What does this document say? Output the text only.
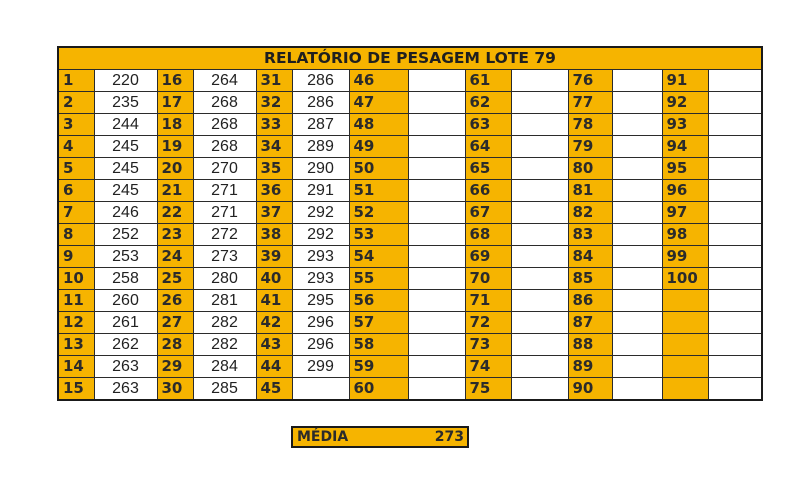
RELATÓRIO DE PESAGEM LOTE 79													
1	220	16	264	31	286	46		61		76		91	
2	235	17	268	32	286	47		62		77		92	
3	244	18	268	33	287	48		63		78		93	
4	245	19	268	34	289	49		64		79		94	
5	245	20	270	35	290	50		65		80		95	
6	245	21	271	36	291	51		66		81		96	
7	246	22	271	37	292	52		67		82		97	
8	252	23	272	38	292	53		68		83		98	
9	253	24	273	39	293	54		69		84		99	
10	258	25	280	40	293	55		70		85		100	
11	260	26	281	41	295	56		71		86			
12	261	27	282	42	296	57		72		87			
13	262	28	282	43	296	58		73		88			
14	263	29	284	44	299	59		74		89			
15	263	30	285	45		60		75		90			
MÉDIA	273
